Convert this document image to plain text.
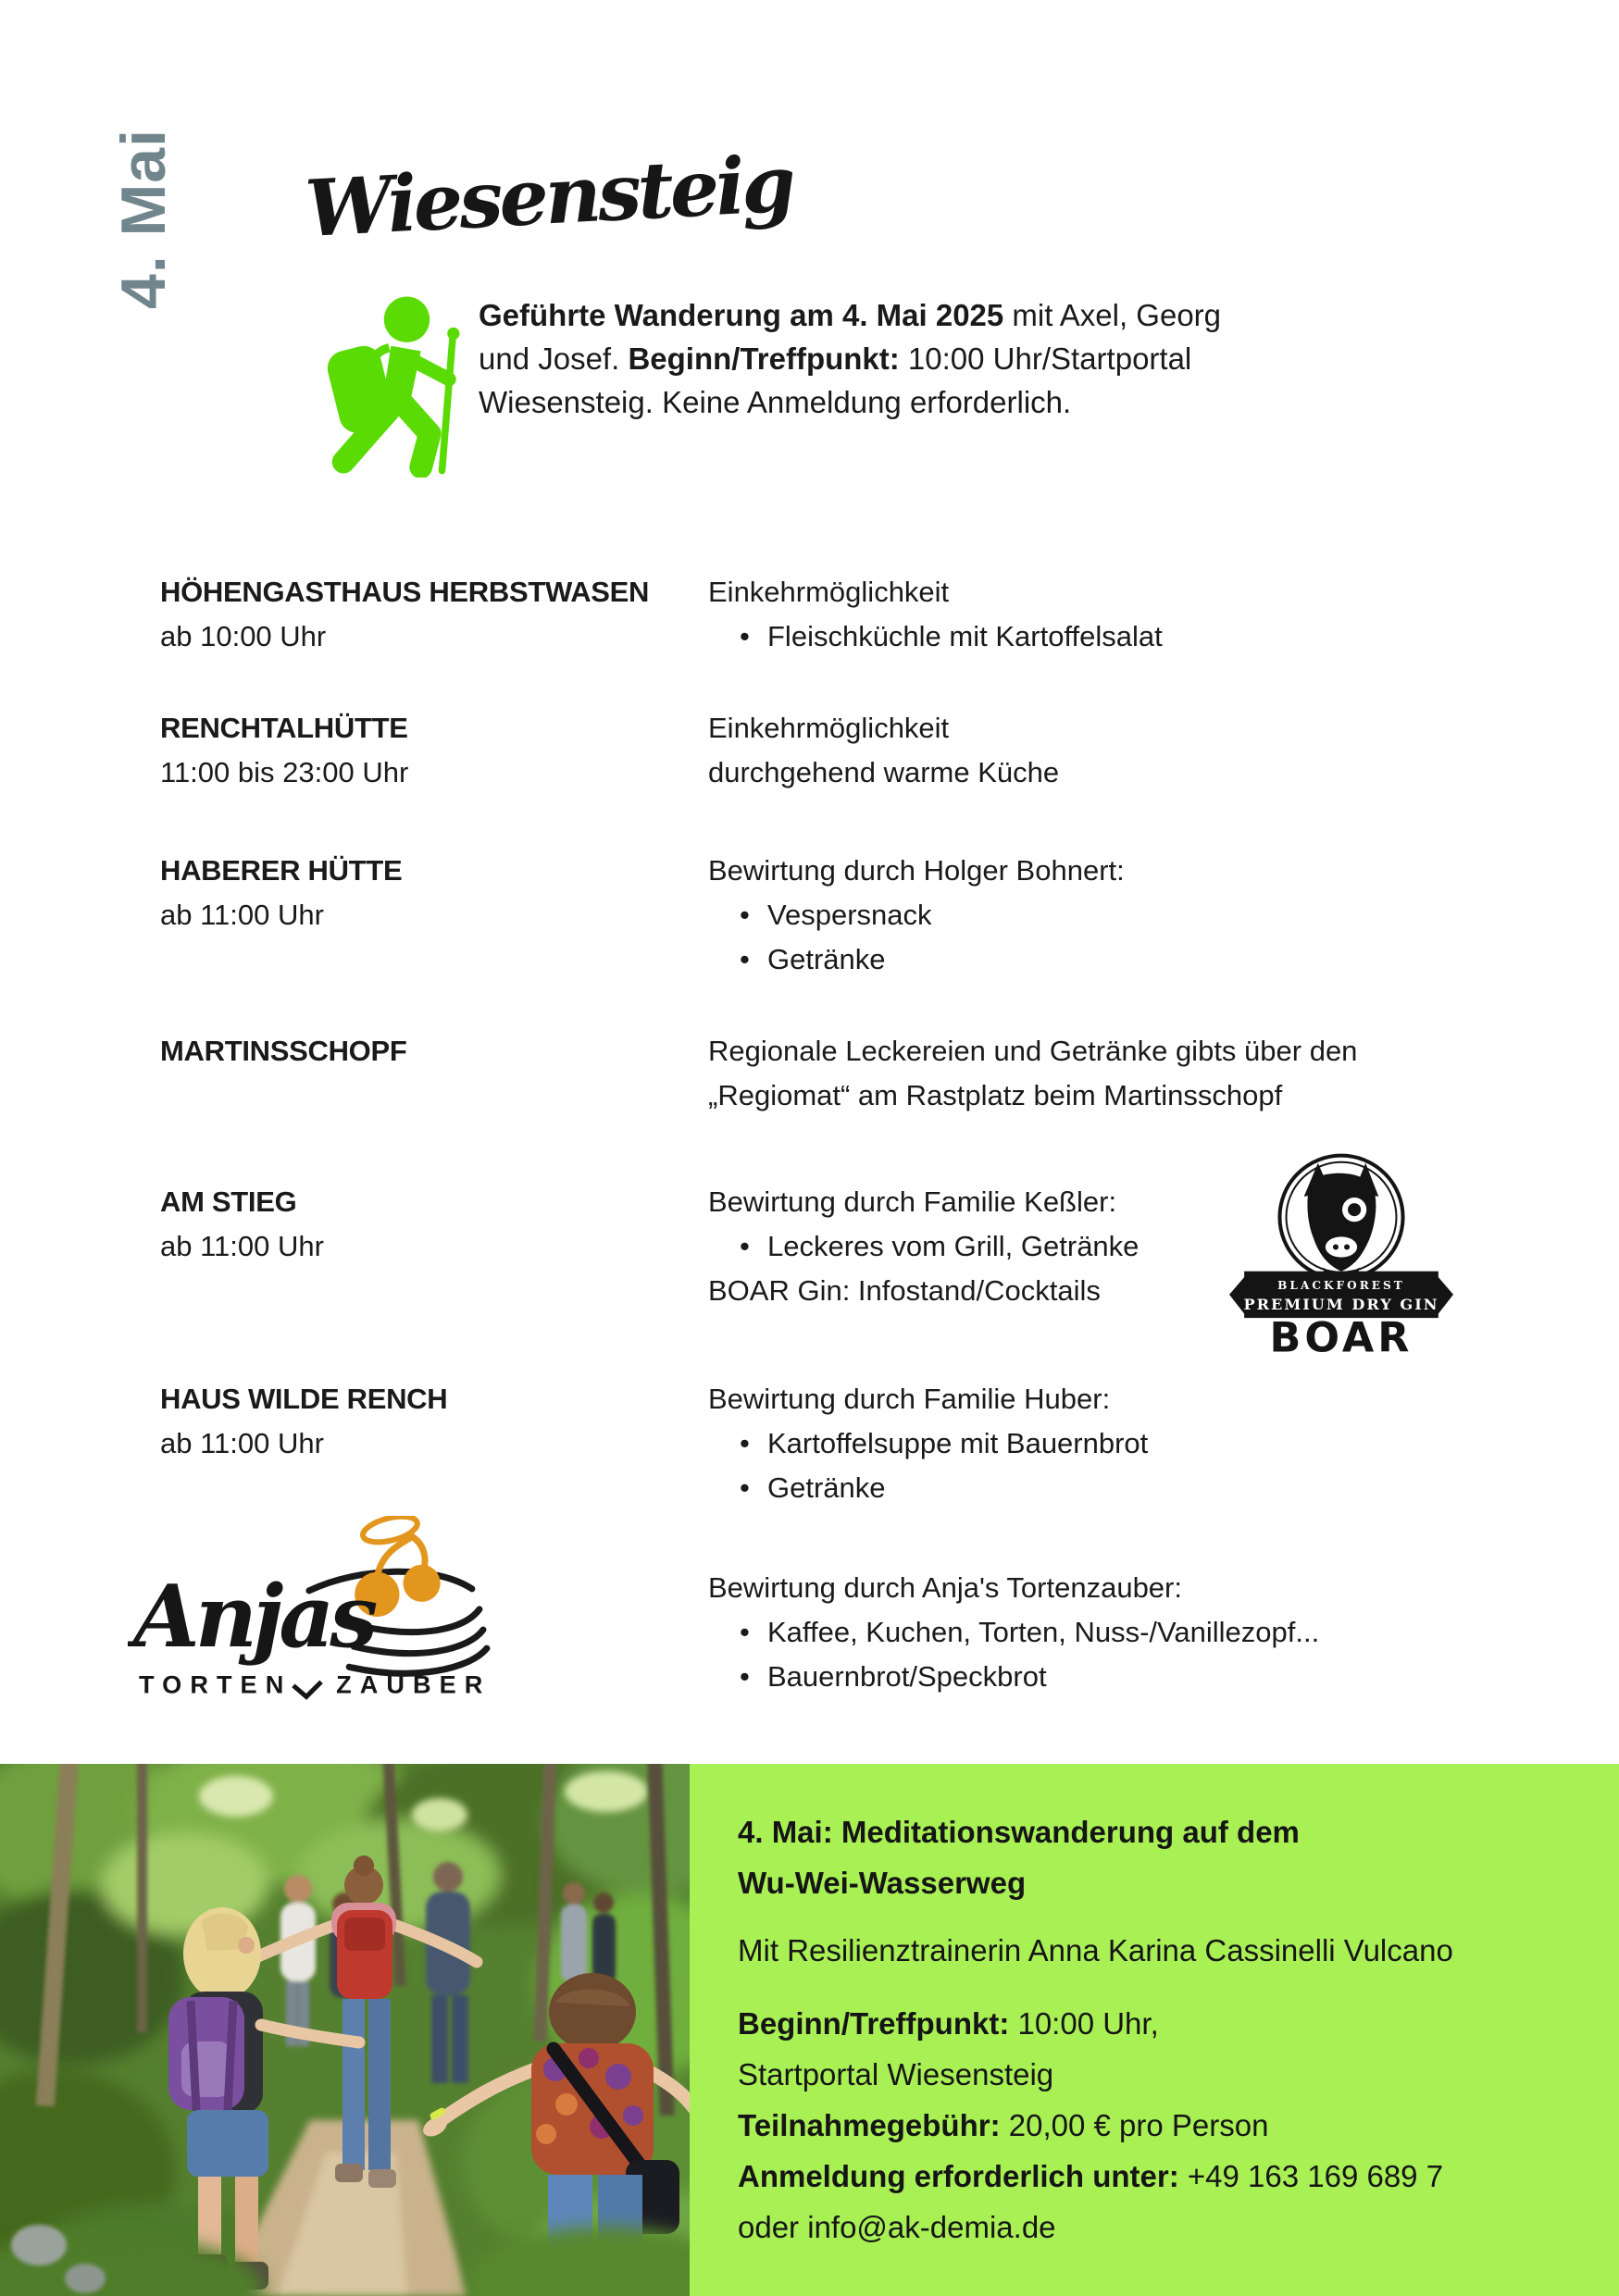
4. Mai Wiesensteig
Geführte Wanderung am 4. Mai 2025 mit Axel, Georg
und Josef. Beginn/Treffpunkt: 10:00 Uhr/Startportal
Wiesensteig. Keine Anmeldung erforderlich.
HÖHENGASTHAUS HERBSTWASEN
ab 10:00 Uhr
Einkehrmöglichkeit
• Fleischküchle mit Kartoffelsalat
RENCHTALHÜTTE
11:00 bis 23:00 Uhr
Einkehrmöglichkeit
durchgehend warme Küche
HABERER HÜTTE
ab 11:00 Uhr
Bewirtung durch Holger Bohnert:
• Vespersnack
• Getränke
MARTINSSCHOPF	Regionale Leckereien und Getränke gibts über den
„Regiomat“ am Rastplatz beim Martinsschopf
AM STIEG
ab 11:00 Uhr
Bewirtung durch Familie Keßler:
• Leckeres vom Grill, Getränke
BOAR Gin: Infostand/Cocktails
HAUS WILDE RENCH
ab 11:00 Uhr
Bewirtung durch Familie Huber:
• Kartoffelsuppe mit Bauernbrot
• Getränke
Bewirtung durch Anja's Tortenzauber:
• Kaffee, Kuchen, Torten, Nuss-/Vanillezopf...
• Bauernbrot/Speckbrot
BLACKFOREST
PREMIUM DRY GIN
BOAR
Anjas
TORTEN ZAUBER
4. Mai: Meditationswanderung auf dem
Wu-Wei-Wasserweg
Mit Resilienztrainerin Anna Karina Cassinelli Vulcano
Beginn/Treffpunkt: 10:00 Uhr,
Startportal Wiesensteig
Teilnahmegebühr: 20,00 € pro Person
Anmeldung erforderlich unter: +49 163 169 689 7
oder info@ak-demia.de
